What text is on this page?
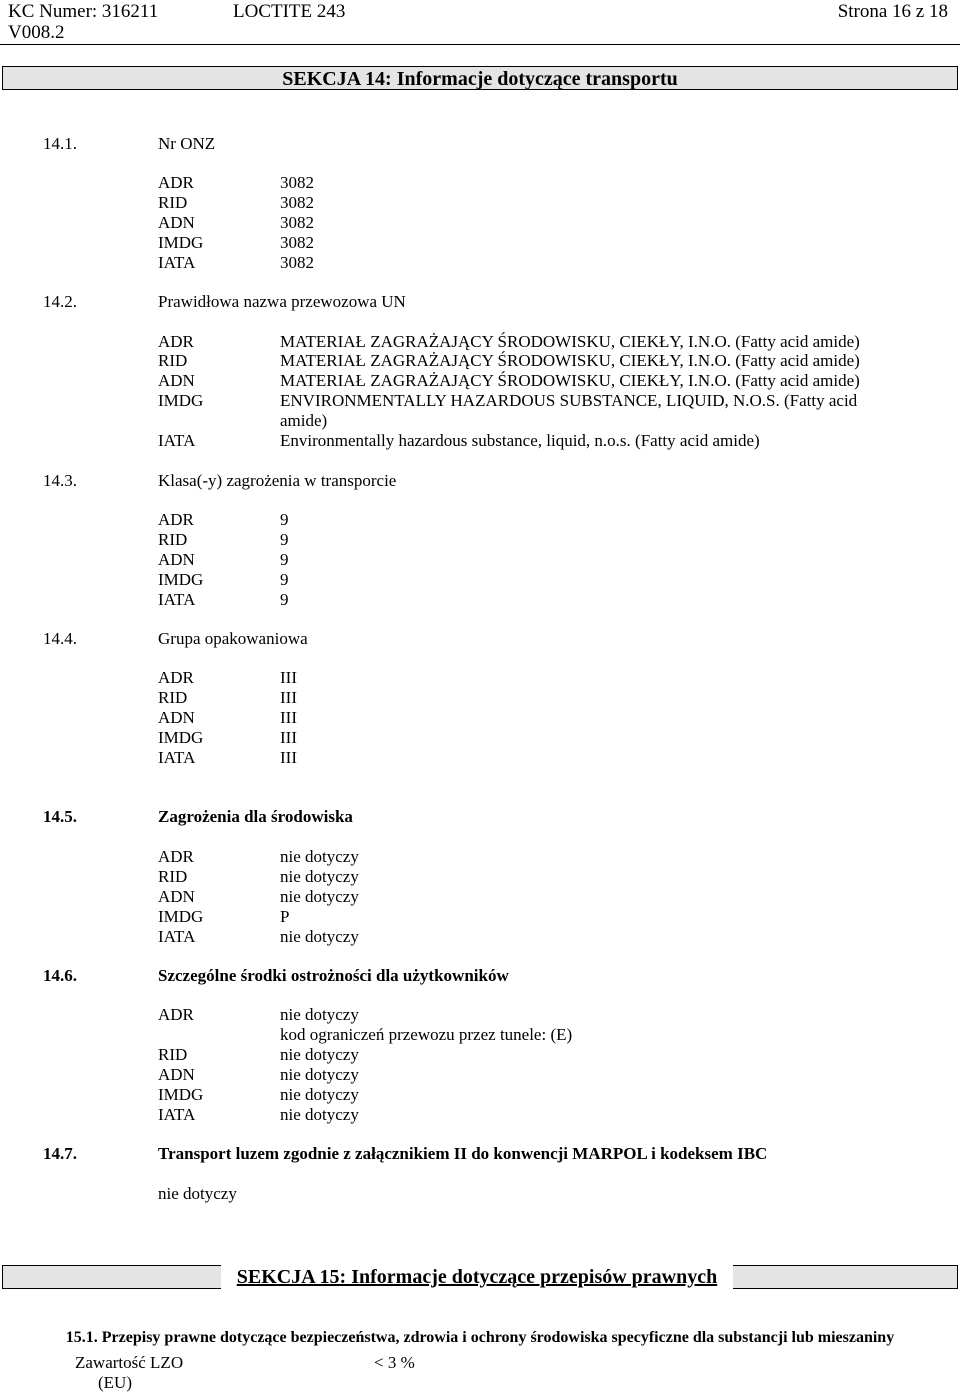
KC Numer: 316211	LOCTITE 243	Strona 16 z 18
V008.2
SEKCJA 14: Informacje dotyczące transportu
14.1.	Nr ONZ
ADR	3082
RID	3082
ADN	3082
IMDG	3082
IATA	3082
14.2.	Prawidłowa nazwa przewozowa UN
ADR	MATERIAŁ ZAGRAŻAJĄCY ŚRODOWISKU, CIEKŁY, I.N.O. (Fatty acid amide)
RID	MATERIAŁ ZAGRAŻAJĄCY ŚRODOWISKU, CIEKŁY, I.N.O. (Fatty acid amide)
ADN	MATERIAŁ ZAGRAŻAJĄCY ŚRODOWISKU, CIEKŁY, I.N.O. (Fatty acid amide)
IMDG	ENVIRONMENTALLY HAZARDOUS SUBSTANCE, LIQUID, N.O.S. (Fatty acid
amide)
IATA	Environmentally hazardous substance, liquid, n.o.s. (Fatty acid amide)
14.3.	Klasa(-y) zagrożenia w transporcie
ADR	9
RID	9
ADN	9
IMDG	9
IATA	9
14.4.	Grupa opakowaniowa
ADR	III
RID	III
ADN	III
IMDG	III
IATA	III
14.5.	Zagrożenia dla środowiska
ADR	nie dotyczy
RID	nie dotyczy
ADN	nie dotyczy
IMDG	P
IATA	nie dotyczy
14.6.	Szczególne środki ostrożności dla użytkowników
ADR	nie dotyczy
kod ograniczeń przewozu przez tunele: (E)
RID	nie dotyczy
ADN	nie dotyczy
IMDG	nie dotyczy
IATA	nie dotyczy
14.7.	Transport luzem zgodnie z załącznikiem II do konwencji MARPOL i kodeksem IBC
nie dotyczy
SEKCJA 15: Informacje dotyczące przepisów prawnych
15.1. Przepisy prawne dotyczące bezpieczeństwa, zdrowia i ochrony środowiska specyficzne dla substancji lub mieszaniny
Zawartość LZO	< 3 %
(EU)
